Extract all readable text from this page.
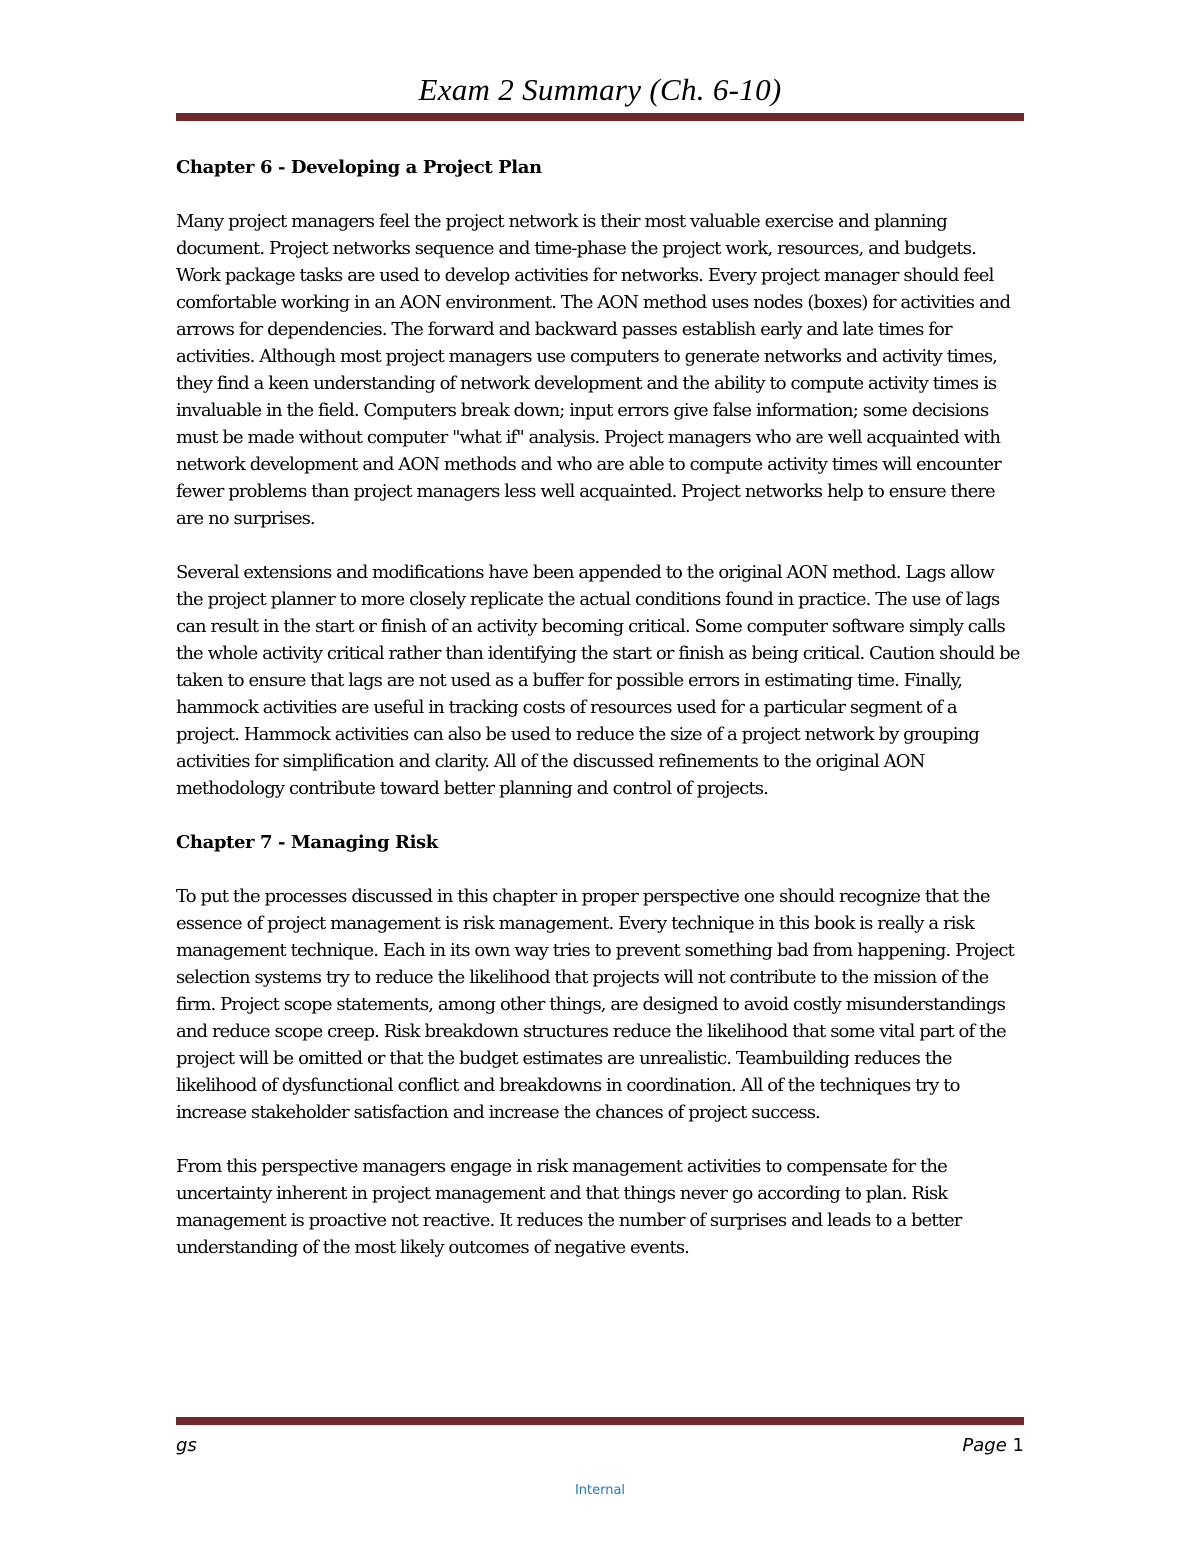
Exam 2 Summary (Ch. 6-10)
Chapter 6 - Developing a Project Plan

Many project managers feel the project network is their most valuable exercise and planning document. Project networks sequence and time-phase the project work, resources, and budgets. Work package tasks are used to develop activities for networks. Every project manager should feel comfortable working in an AON environment. The AON method uses nodes (boxes) for activities and arrows for dependencies. The forward and backward passes establish early and late times for activities. Although most project managers use computers to generate networks and activity times, they find a keen understanding of network development and the ability to compute activity times is invaluable in the field. Computers break down; input errors give false information; some decisions must be made without computer "what if" analysis. Project managers who are well acquainted with network development and AON methods and who are able to compute activity times will encounter fewer problems than project managers less well acquainted. Project networks help to ensure there are no surprises.

Several extensions and modifications have been appended to the original AON method. Lags allow the project planner to more closely replicate the actual conditions found in practice. The use of lags can result in the start or finish of an activity becoming critical. Some computer software simply calls the whole activity critical rather than identifying the start or finish as being critical. Caution should be taken to ensure that lags are not used as a buffer for possible errors in estimating time. Finally, hammock activities are useful in tracking costs of resources used for a particular segment of a project. Hammock activities can also be used to reduce the size of a project network by grouping activities for simplification and clarity. All of the discussed refinements to the original AON methodology contribute toward better planning and control of projects.

Chapter 7 - Managing Risk

To put the processes discussed in this chapter in proper perspective one should recognize that the essence of project management is risk management. Every technique in this book is really a risk management technique. Each in its own way tries to prevent something bad from happening. Project selection systems try to reduce the likelihood that projects will not contribute to the mission of the firm. Project scope statements, among other things, are designed to avoid costly misunderstandings and reduce scope creep. Risk breakdown structures reduce the likelihood that some vital part of the project will be omitted or that the budget estimates are unrealistic. Teambuilding reduces the likelihood of dysfunctional conflict and breakdowns in coordination. All of the techniques try to increase stakeholder satisfaction and increase the chances of project success.

From this perspective managers engage in risk management activities to compensate for the uncertainty inherent in project management and that things never go according to plan. Risk management is proactive not reactive. It reduces the number of surprises and leads to a better understanding of the most likely outcomes of negative events.

gs	Page 1
Internal
